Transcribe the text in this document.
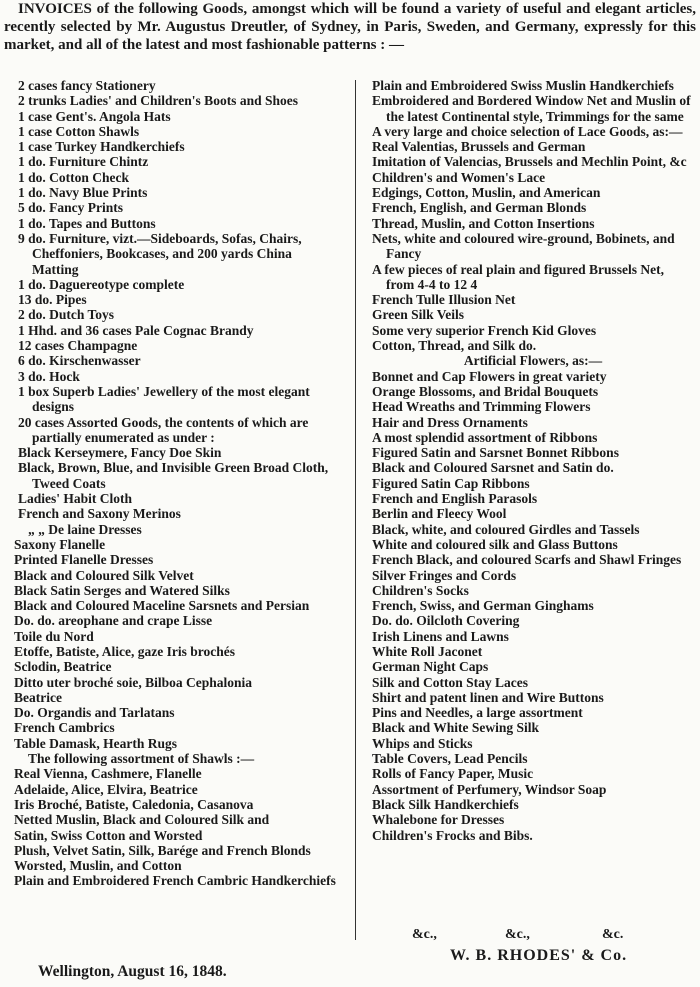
INVOICES of the following Goods, amongst which will be found a variety of useful and elegant articles, recently selected by Mr. Augustus Dreutler, of Sydney, in Paris, Sweden, and Germany, expressly for this market, and all of the latest and most fashionable patterns : —

2 cases fancy Stationery
2 trunks Ladies' and Children's Boots and Shoes
1 case Gent's. Angola Hats
1 case Cotton Shawls
1 case Turkey Handkerchiefs
1 do. Furniture Chintz
1 do. Cotton Check
1 do. Navy Blue Prints
5 do. Fancy Prints
1 do. Tapes and Buttons
9 do. Furniture, vizt.—Sideboards, Sofas, Chairs, Cheffoniers, Bookcases, and 200 yards China Matting
1 do. Daguereotype complete
13 do. Pipes
2 do. Dutch Toys
1 Hhd. and 36 cases Pale Cognac Brandy
12 cases Champagne
6 do. Kirschenwasser
3 do. Hock
1 box Superb Ladies' Jewellery of the most elegant designs
20 cases Assorted Goods, the contents of which are partially enumerated as under :
Black Kerseymere, Fancy Doe Skin
Black, Brown, Blue, and Invisible Green Broad Cloth, Tweed Coats
Ladies' Habit Cloth
French and Saxony Merinos
„ „ De laine Dresses
Saxony Flanelle
Printed Flanelle Dresses
Black and Coloured Silk Velvet
Black Satin Serges and Watered Silks
Black and Coloured Maceline Sarsnets and Persian
Do. do. areophane and crape Lisse
Toile du Nord
Etoffe, Batiste, Alice, gaze Iris brochés
Sclodin, Beatrice
Ditto uter broché soie, Bilboa Cephalonia
Beatrice
Do. Organdis and Tarlatans
French Cambrics
Table Damask, Hearth Rugs
The following assortment of Shawls :—
Real Vienna, Cashmere, Flanelle
Adelaide, Alice, Elvira, Beatrice
Iris Broché, Batiste, Caledonia, Casanova
Netted Muslin, Black and Coloured Silk and
Satin, Swiss Cotton and Worsted
Plush, Velvet Satin, Silk, Barége and French Blonds
Worsted, Muslin, and Cotton
Plain and Embroidered French Cambric Handkerchiefs
Plain and Embroidered Swiss Muslin Handkerchiefs
Embroidered and Bordered Window Net and Muslin of the latest Continental style, Trimmings for the same
A very large and choice selection of Lace Goods, as:—
Real Valentias, Brussels and German
Imitation of Valencias, Brussels and Mechlin Point, &c
Children's and Women's Lace
Edgings, Cotton, Muslin, and American
French, English, and German Blonds
Thread, Muslin, and Cotton Insertions
Nets, white and coloured wire-ground, Bobinets, and Fancy
A few pieces of real plain and figured Brussels Net, from 4-4 to 12 4
French Tulle Illusion Net
Green Silk Veils
Some very superior French Kid Gloves
Cotton, Thread, and Silk do.
Artificial Flowers, as:—
Bonnet and Cap Flowers in great variety
Orange Blossoms, and Bridal Bouquets
Head Wreaths and Trimming Flowers
Hair and Dress Ornaments
A most splendid assortment of Ribbons
Figured Satin and Sarsnet Bonnet Ribbons
Black and Coloured Sarsnet and Satin do.
Figured Satin Cap Ribbons
French and English Parasols
Berlin and Fleecy Wool
Black, white, and coloured Girdles and Tassels
White and coloured silk and Glass Buttons
French Black, and coloured Scarfs and Shawl Fringes
Silver Fringes and Cords
Children's Socks
French, Swiss, and German Ginghams
Do. do. Oilcloth Covering
Irish Linens and Lawns
White Roll Jaconet
German Night Caps
Silk and Cotton Stay Laces
Shirt and patent linen and Wire Buttons
Pins and Needles, a large assortment
Black and White Sewing Silk
Whips and Sticks
Table Covers, Lead Pencils
Rolls of Fancy Paper, Music
Assortment of Perfumery, Windsor Soap
Black Silk Handkerchiefs
Whalebone for Dresses
Children's Frocks and Bibs.
&c.,	&c.,	&c.
W. B. RHODES' & Co.
Wellington, August 16, 1848.
